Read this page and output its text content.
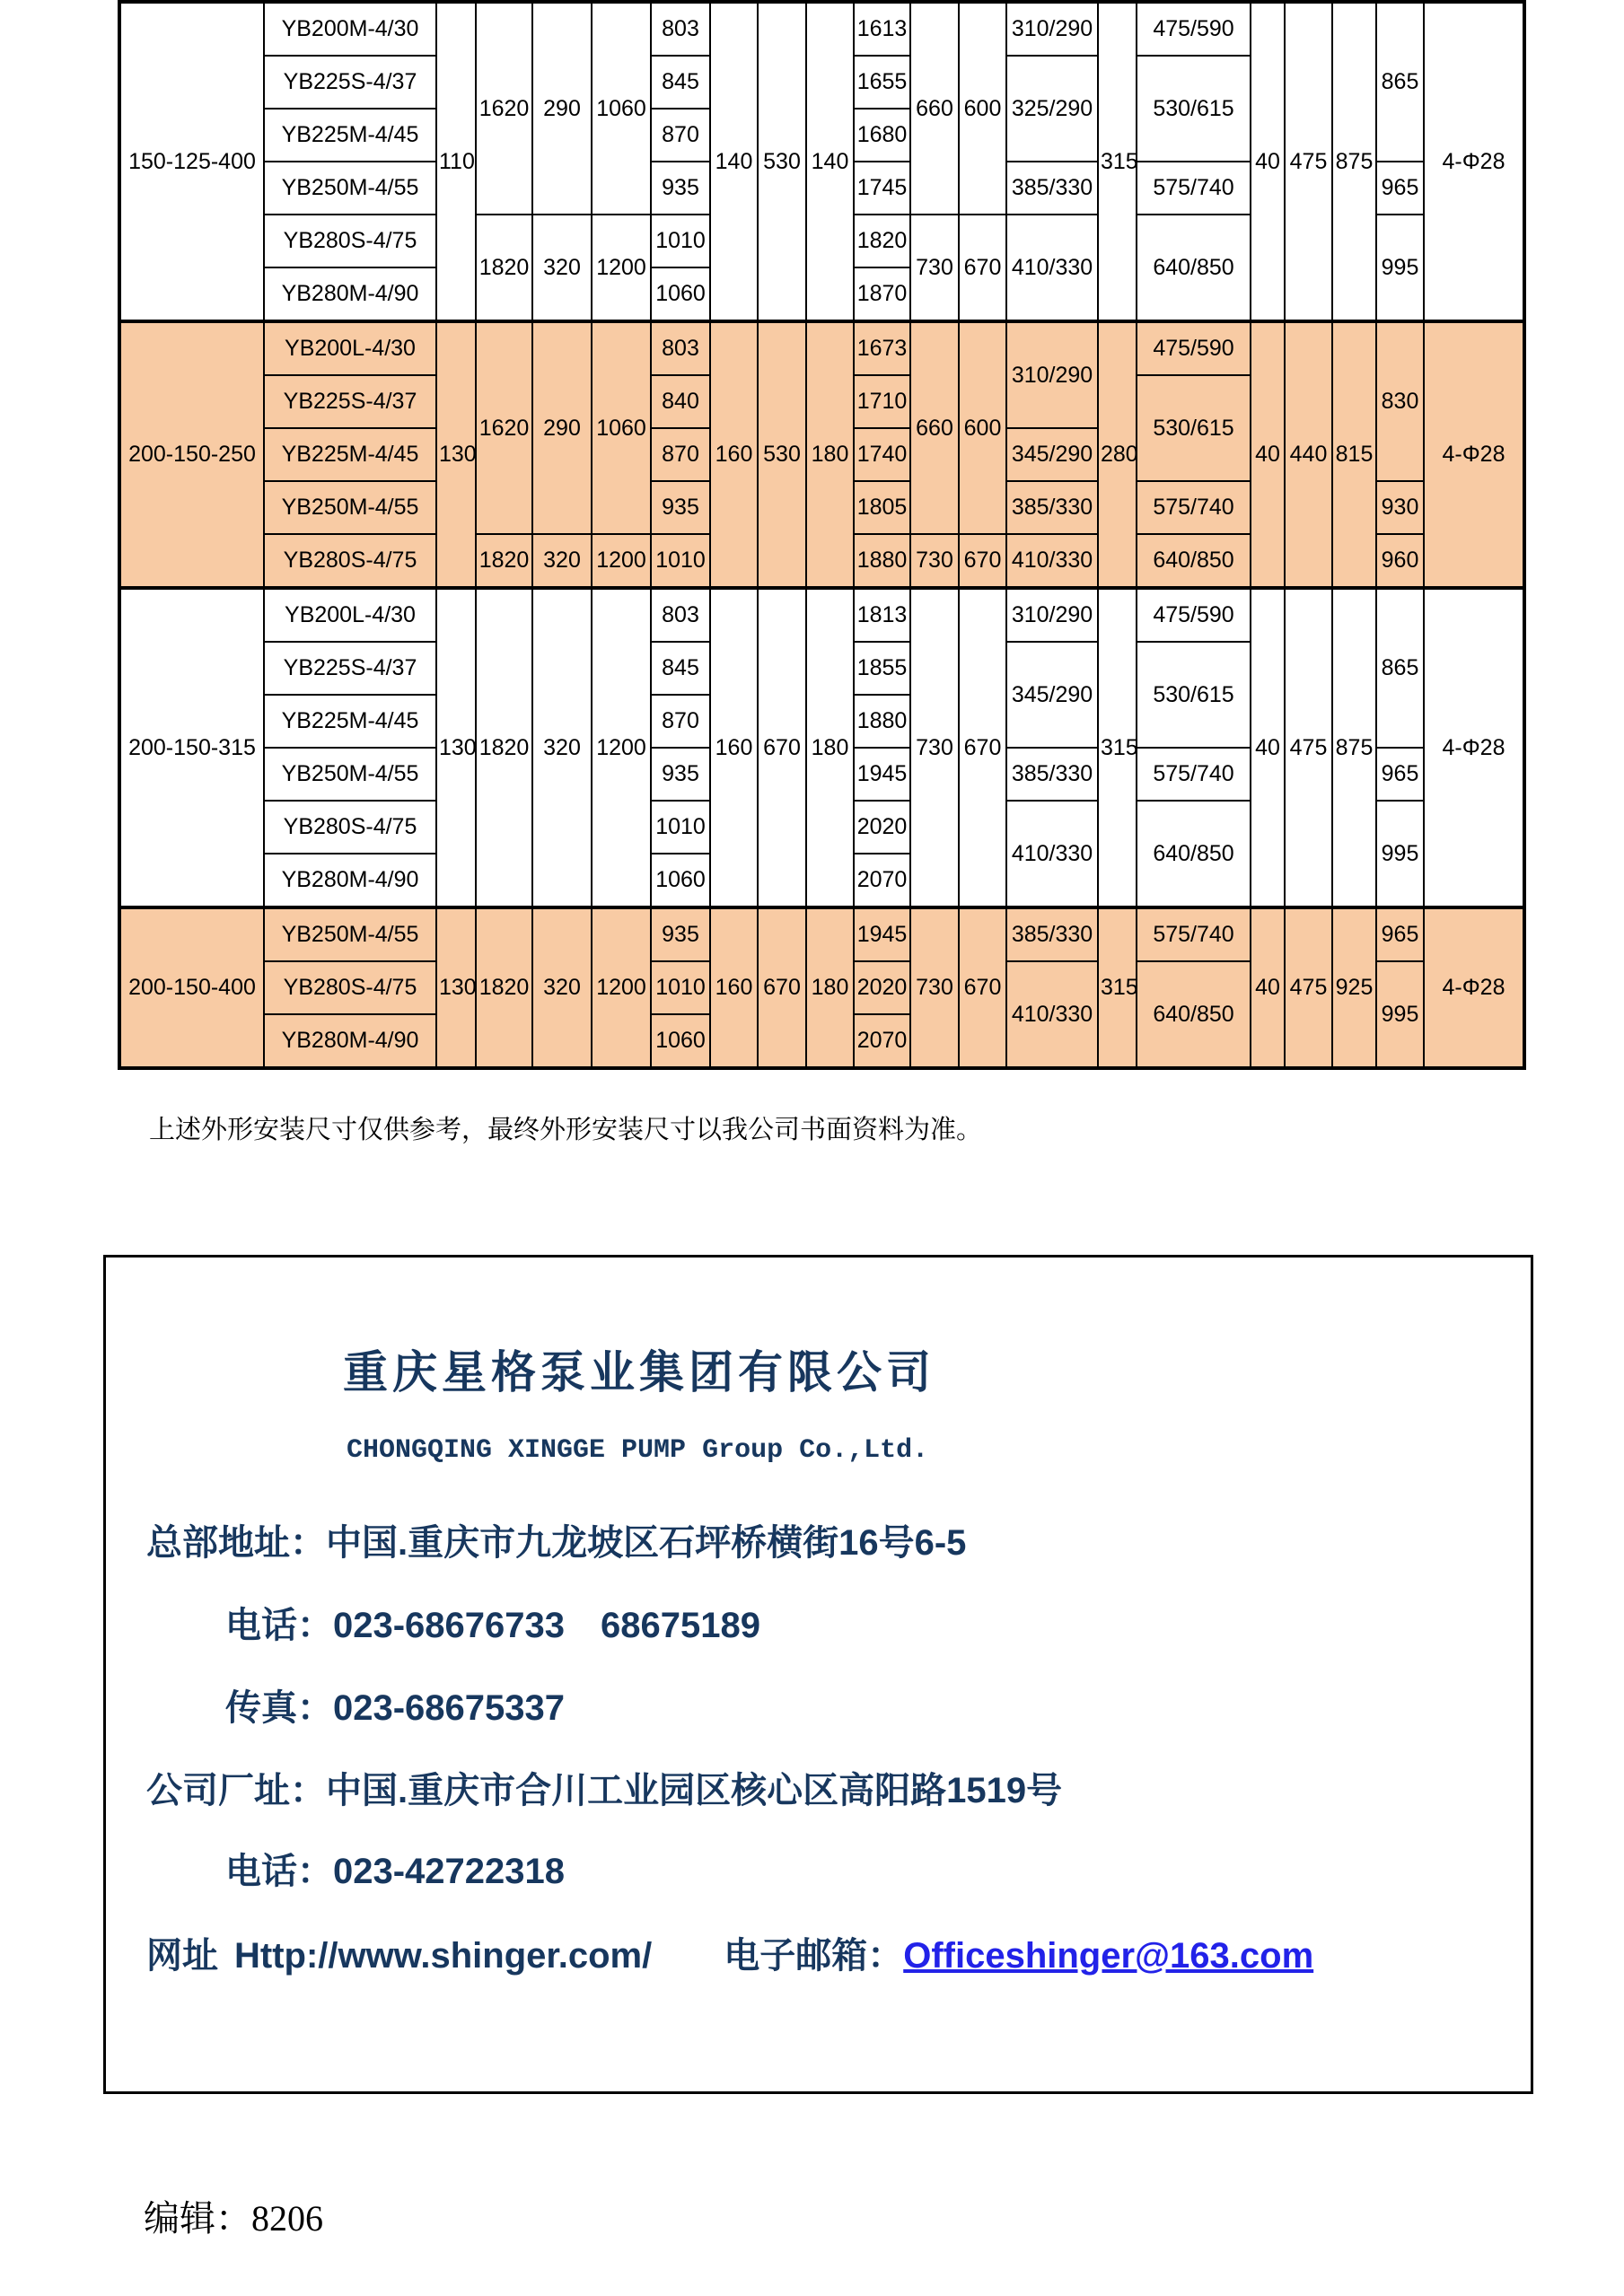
150-125-400	YB200M-4/30	110	1620	290	1060	803	140	530	140	1613	660	600	310/290	315	475/590	40	475	875	865	4-Φ28
	YB225S-4/37					845				1655			325/290		530/615					
	YB225M-4/45					870				1680										
	YB250M-4/55					935				1745			385/330		575/740				965	
	YB280S-4/75		1820	320	1200	1010				1820	730	670	410/330		640/850				995	
	YB280M-4/90					1060				1870										
200-150-250	YB200L-4/30	130	1620	290	1060	803	160	530	180	1673	660	600	310/290	280	475/590	40	440	815	830	4-Φ28
	YB225S-4/37					840				1710					530/615					
	YB225M-4/45					870				1740			345/290							
	YB250M-4/55					935				1805			385/330		575/740				930	
	YB280S-4/75		1820	320	1200	1010				1880	730	670	410/330		640/850				960	
200-150-315	YB200L-4/30	130	1820	320	1200	803	160	670	180	1813	730	670	310/290	315	475/590	40	475	875	865	4-Φ28
	YB225S-4/37					845				1855			345/290		530/615					
	YB225M-4/45					870				1880										
	YB250M-4/55					935				1945			385/330		575/740				965	
	YB280S-4/75					1010				2020			410/330		640/850				995	
	YB280M-4/90					1060				2070										
200-150-400	YB250M-4/55	130	1820	320	1200	935	160	670	180	1945	730	670	385/330	315	575/740	40	475	925	965	4-Φ28
	YB280S-4/75					1010				2020			410/330		640/850				995	
	YB280M-4/90					1060				2070										
上述外形安装尺寸仅供参考，最终外形安装尺寸以我公司书面资料为准。
重庆星格泵业集团有限公司
CHONGQING XINGGE PUMP Group Co.,Ltd.
总部地址：中国.重庆市九龙坡区石坪桥横街16号6-5
电话：023-68676733　68675189
传真：023-68675337
公司厂址：中国.重庆市合川工业园区核心区高阳路1519号
电话：023-42722318
网址 Http://www.shinger.com/ 电子邮箱：Officeshinger@163.com
编辑：8206
